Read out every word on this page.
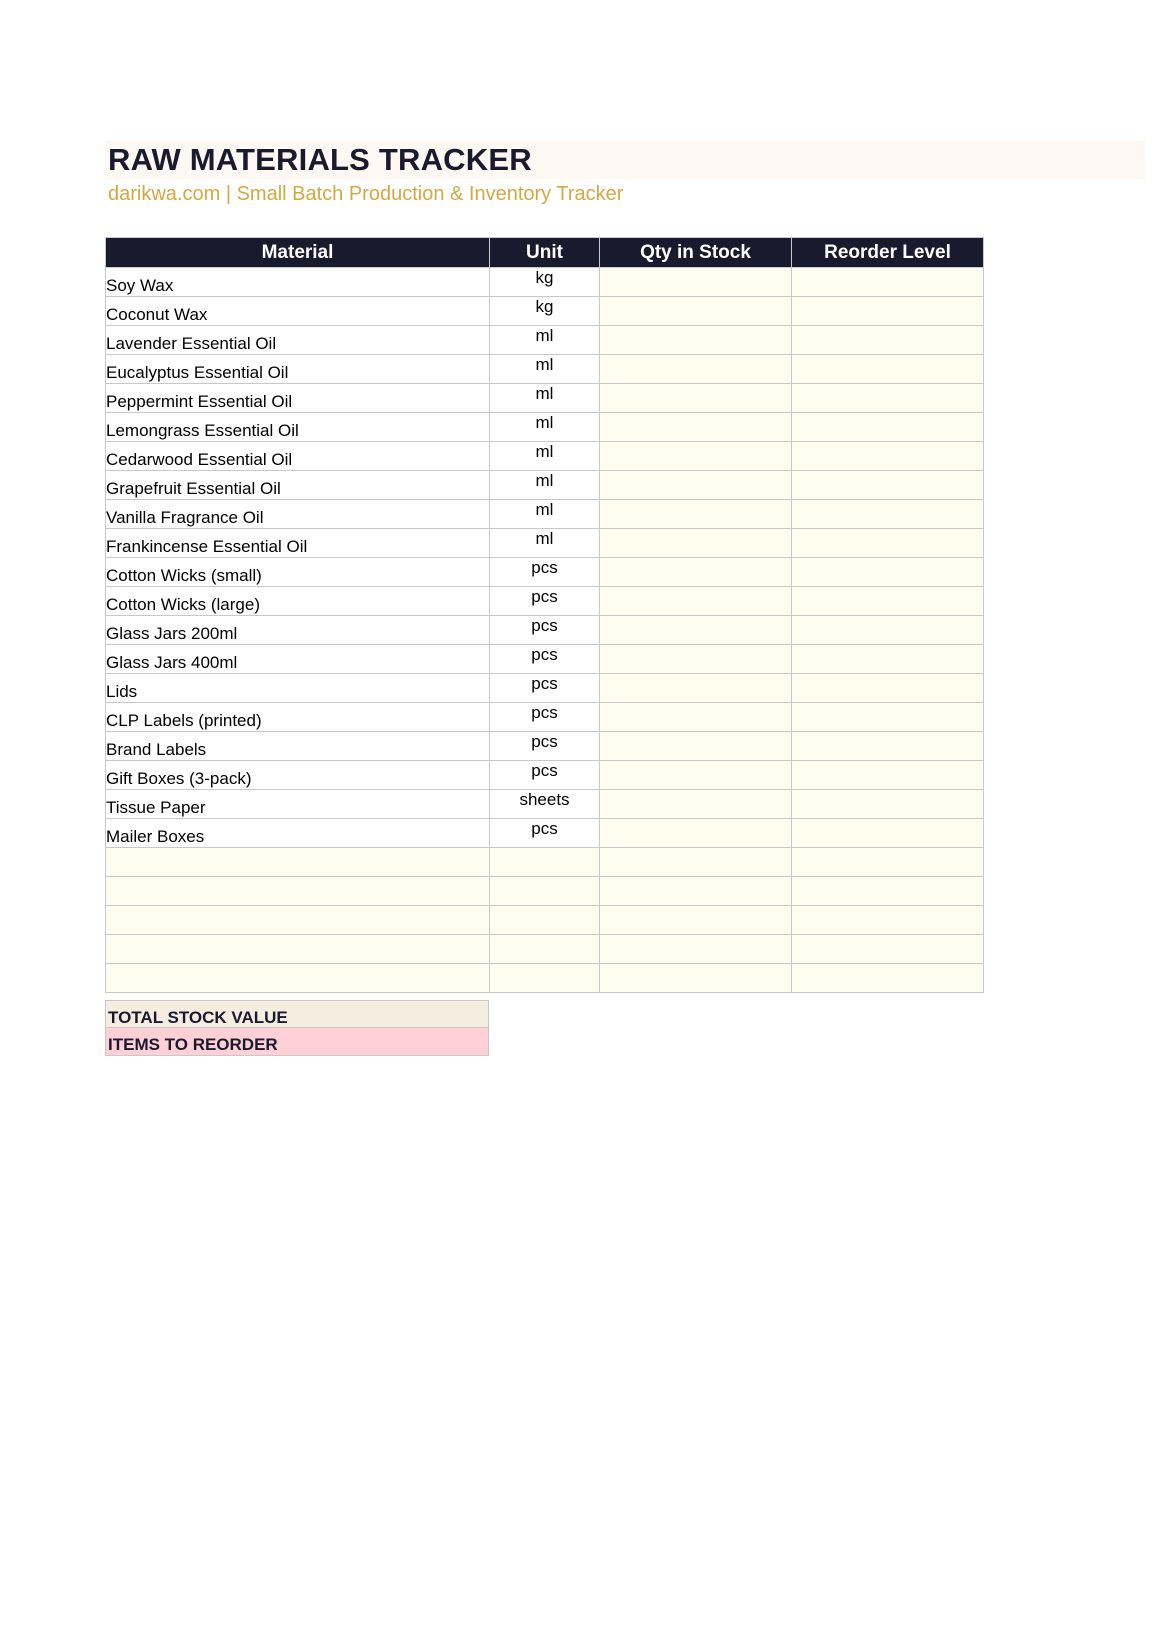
RAW MATERIALS TRACKER
darikwa.com | Small Batch Production & Inventory Tracker
Material	Unit	Qty in Stock	Reorder Level
Soy Wax	kg		
Coconut Wax	kg		
Lavender Essential Oil	ml		
Eucalyptus Essential Oil	ml		
Peppermint Essential Oil	ml		
Lemongrass Essential Oil	ml		
Cedarwood Essential Oil	ml		
Grapefruit Essential Oil	ml		
Vanilla Fragrance Oil	ml		
Frankincense Essential Oil	ml		
Cotton Wicks (small)	pcs		
Cotton Wicks (large)	pcs		
Glass Jars 200ml	pcs		
Glass Jars 400ml	pcs		
Lids	pcs		
CLP Labels (printed)	pcs		
Brand Labels	pcs		
Gift Boxes (3-pack)	pcs		
Tissue Paper	sheets		
Mailer Boxes	pcs		

TOTAL STOCK VALUE
ITEMS TO REORDER
